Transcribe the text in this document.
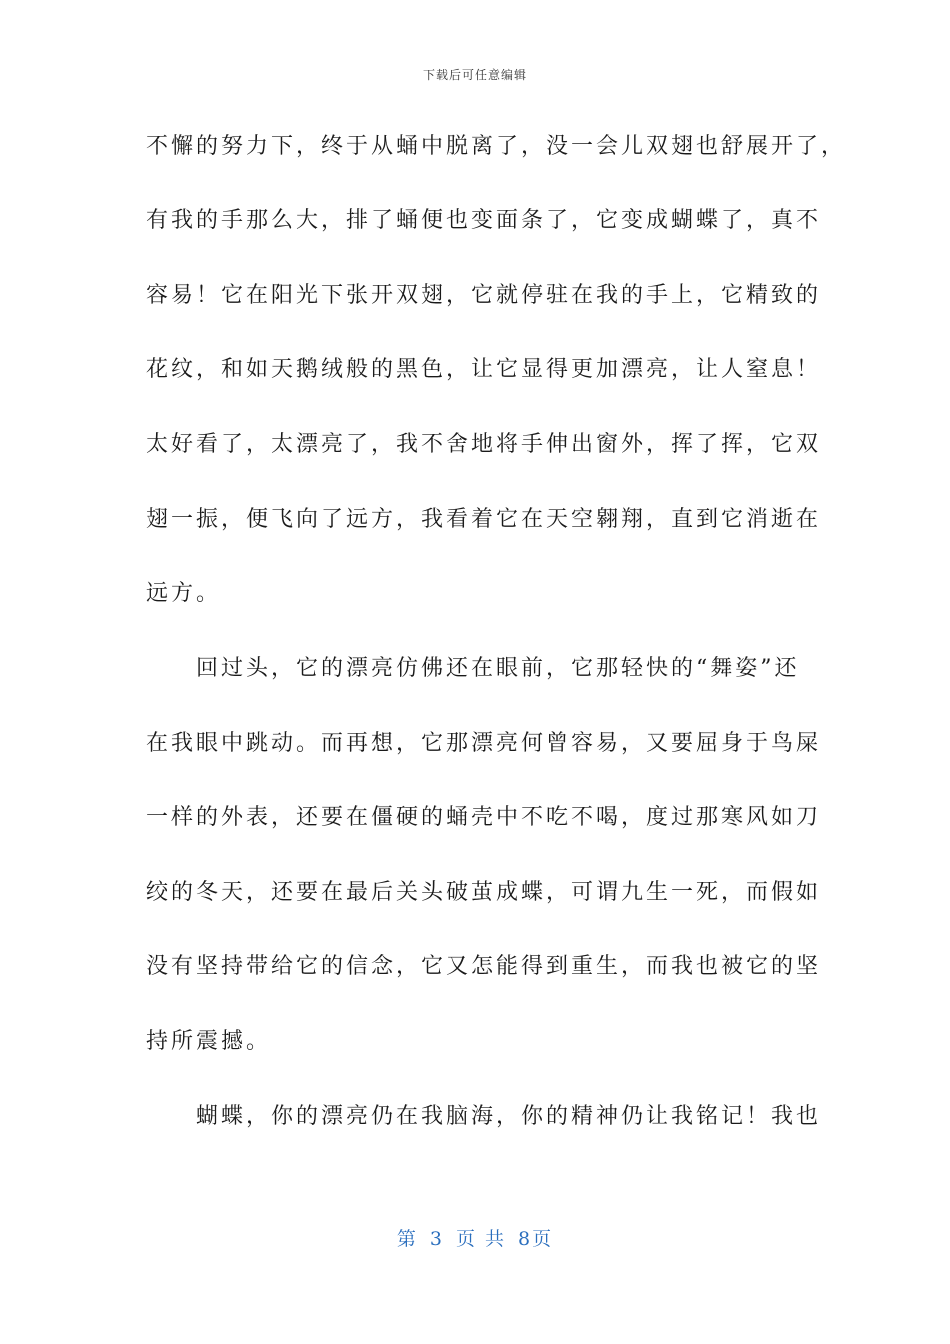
下载后可任意编辑
不懈的努力下，终于从蛹中脱离了，没一会儿双翅也舒展开了，
有我的手那么大，排了蛹便也变面条了，它变成蝴蝶了，真不
容易！它在阳光下张开双翅，它就停驻在我的手上，它精致的
花纹，和如天鹅绒般的黑色，让它显得更加漂亮，让人窒息！
太好看了，太漂亮了，我不舍地将手伸出窗外，挥了挥，它双
翅一振，便飞向了远方，我看着它在天空翱翔，直到它消逝在
远方。
　　回过头，它的漂亮仿佛还在眼前，它那轻快的“舞姿”还
在我眼中跳动。而再想，它那漂亮何曾容易，又要屈身于鸟屎
一样的外表，还要在僵硬的蛹壳中不吃不喝，度过那寒风如刀
绞的冬天，还要在最后关头破茧成蝶，可谓九生一死，而假如
没有坚持带给它的信念，它又怎能得到重生，而我也被它的坚
持所震撼。
　　蝴蝶，你的漂亮仍在我脑海，你的精神仍让我铭记！我也
第 3 页 共 8页
